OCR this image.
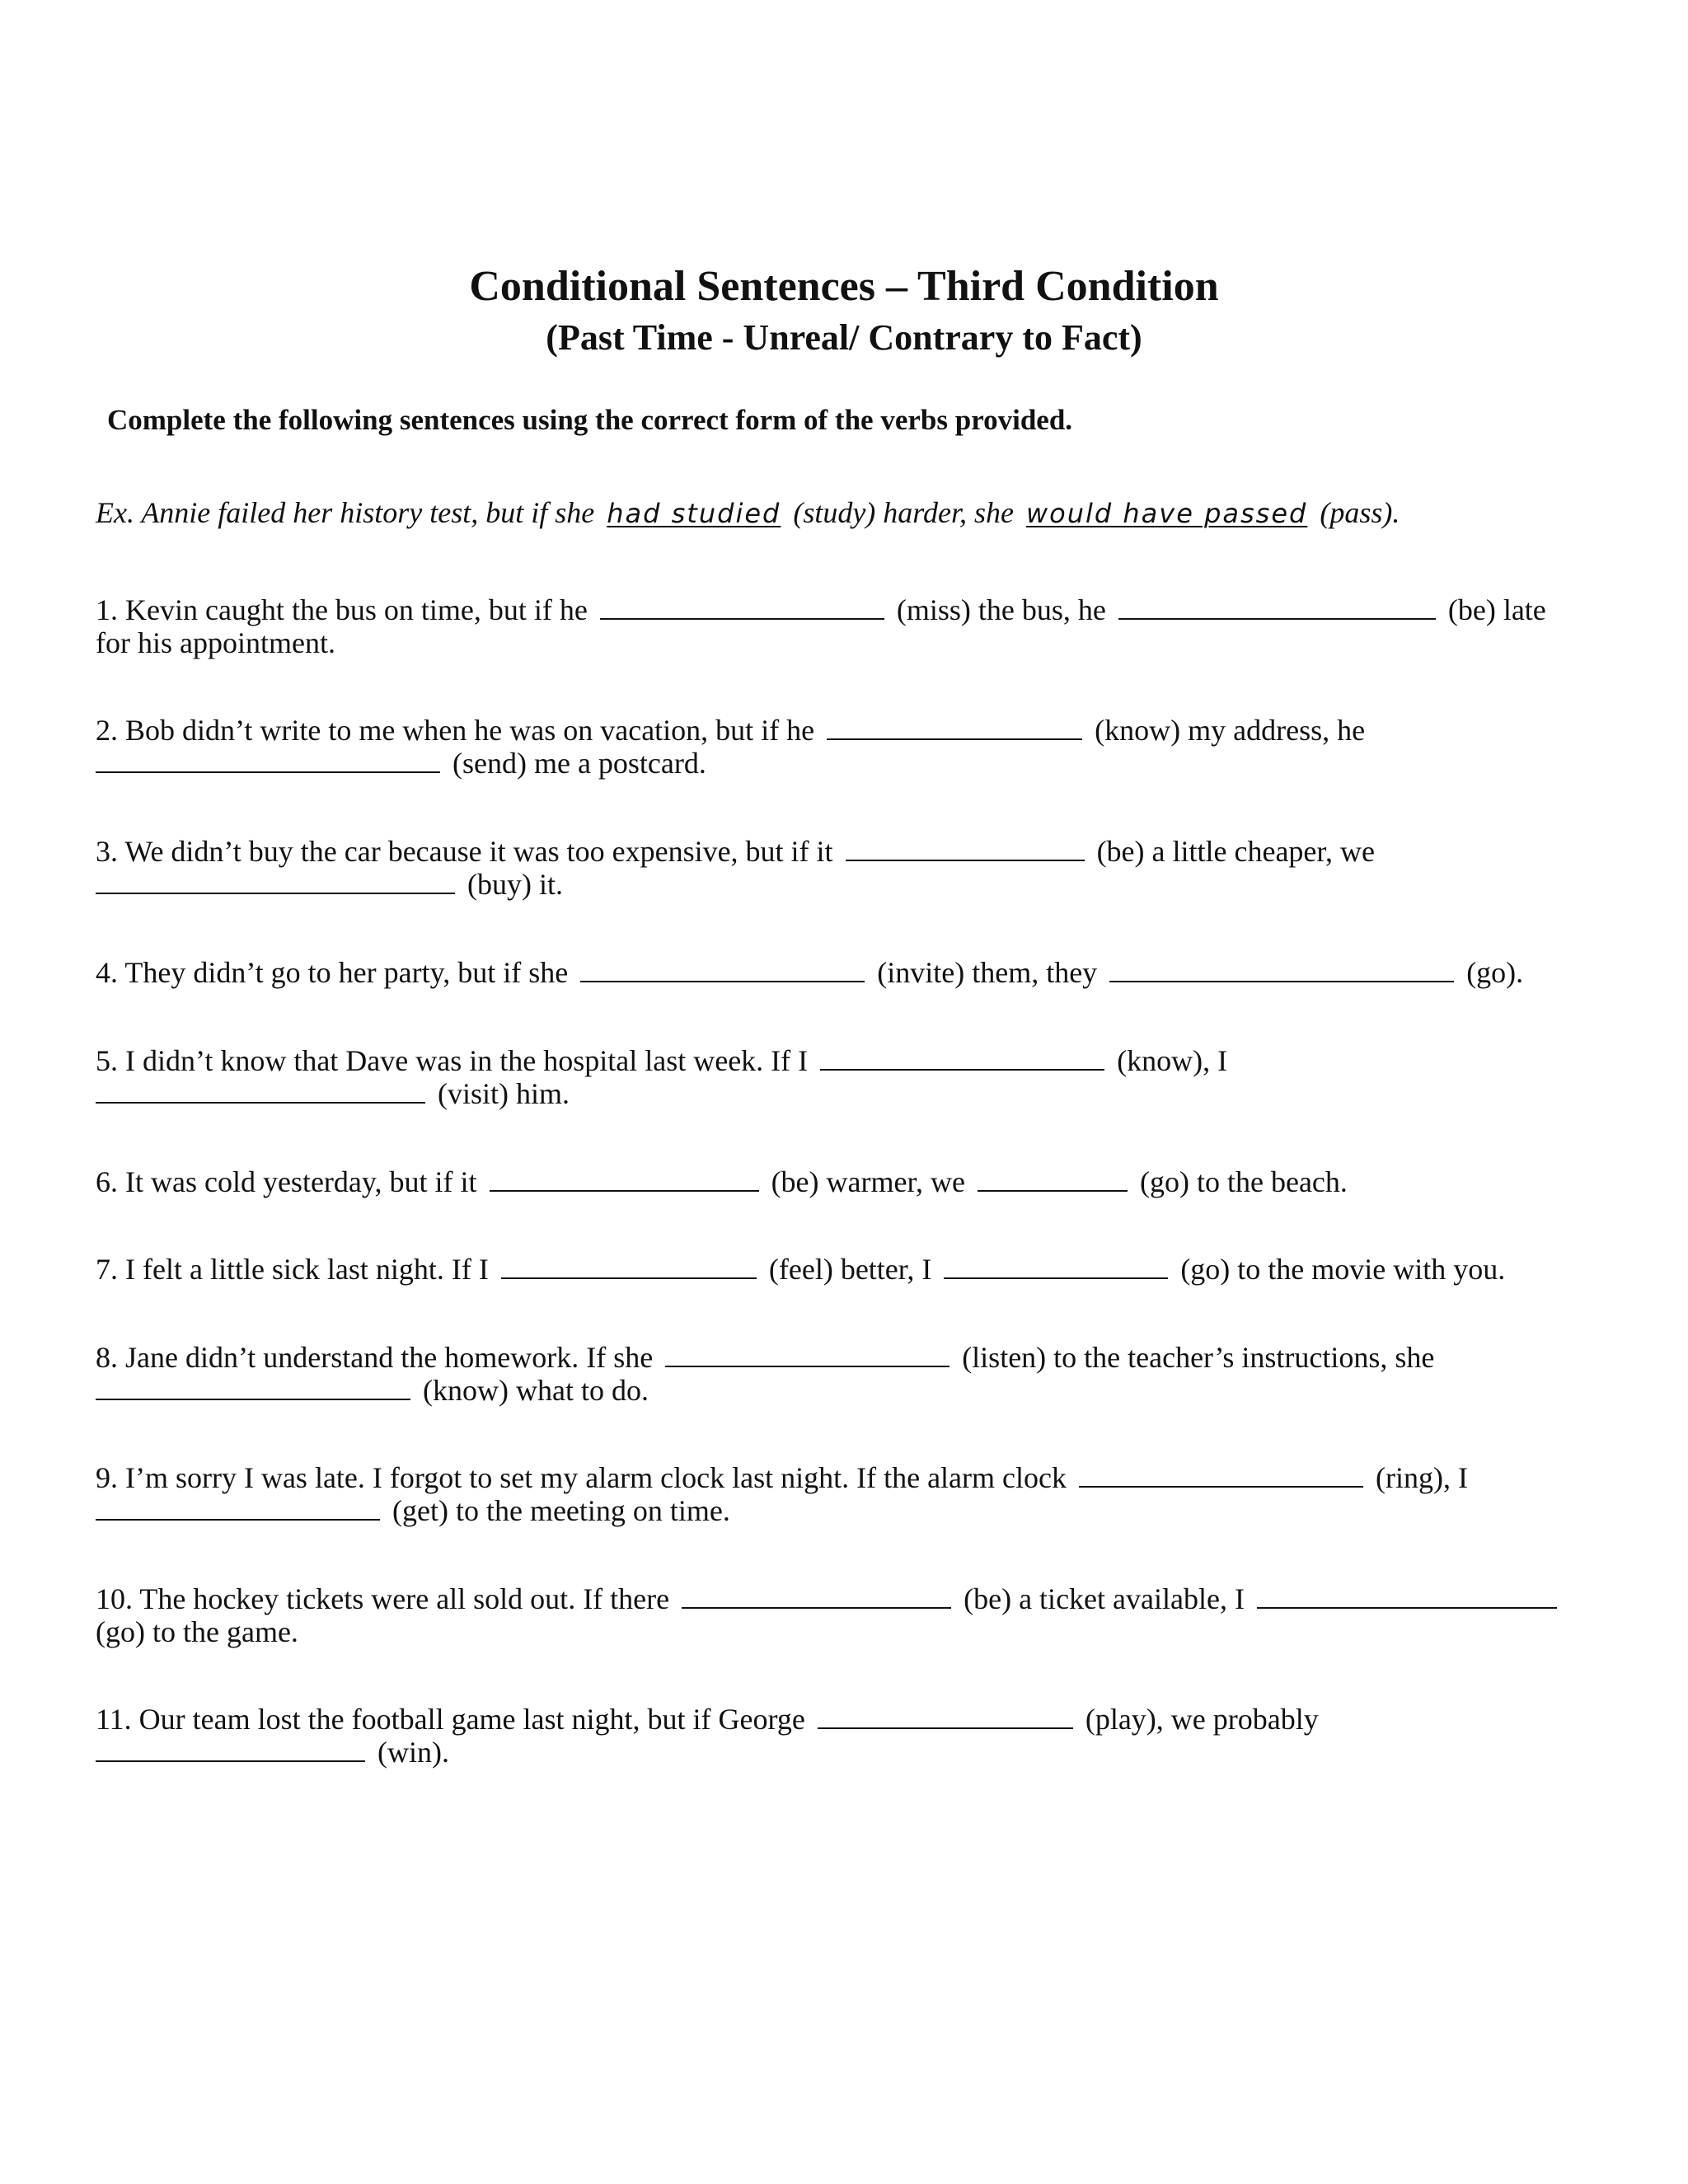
Conditional Sentences – Third Condition
(Past Time - Unreal/ Contrary to Fact)
Complete the following sentences using the correct form of the verbs provided.
Ex. Annie failed her history test, but if she had studied (study) harder, she would have passed (pass).
1. Kevin caught the bus on time, but if he	(miss) the bus, he	(be) late
for his appointment.
2. Bob didn’t write to me when he was on vacation, but if he	(know) my address, he
(send) me a postcard.
3. We didn’t buy the car because it was too expensive, but if it	(be) a little cheaper, we
(buy) it.
4. They didn’t go to her party, but if she	(invite) them, they	(go).
5. I didn’t know that Dave was in the hospital last week. If I	(know), I
(visit) him.
6. It was cold yesterday, but if it	(be) warmer, we	(go) to the beach.
7. I felt a little sick last night. If I	(feel) better, I	(go) to the movie with you.
8. Jane didn’t understand the homework. If she	(listen) to the teacher’s instructions, she
(know) what to do.
9. I’m sorry I was late. I forgot to set my alarm clock last night. If the alarm clock	(ring), I
(get) to the meeting on time.
10. The hockey tickets were all sold out. If there	(be) a ticket available, I
(go) to the game.
11. Our team lost the football game last night, but if George	(play), we probably
(win).
